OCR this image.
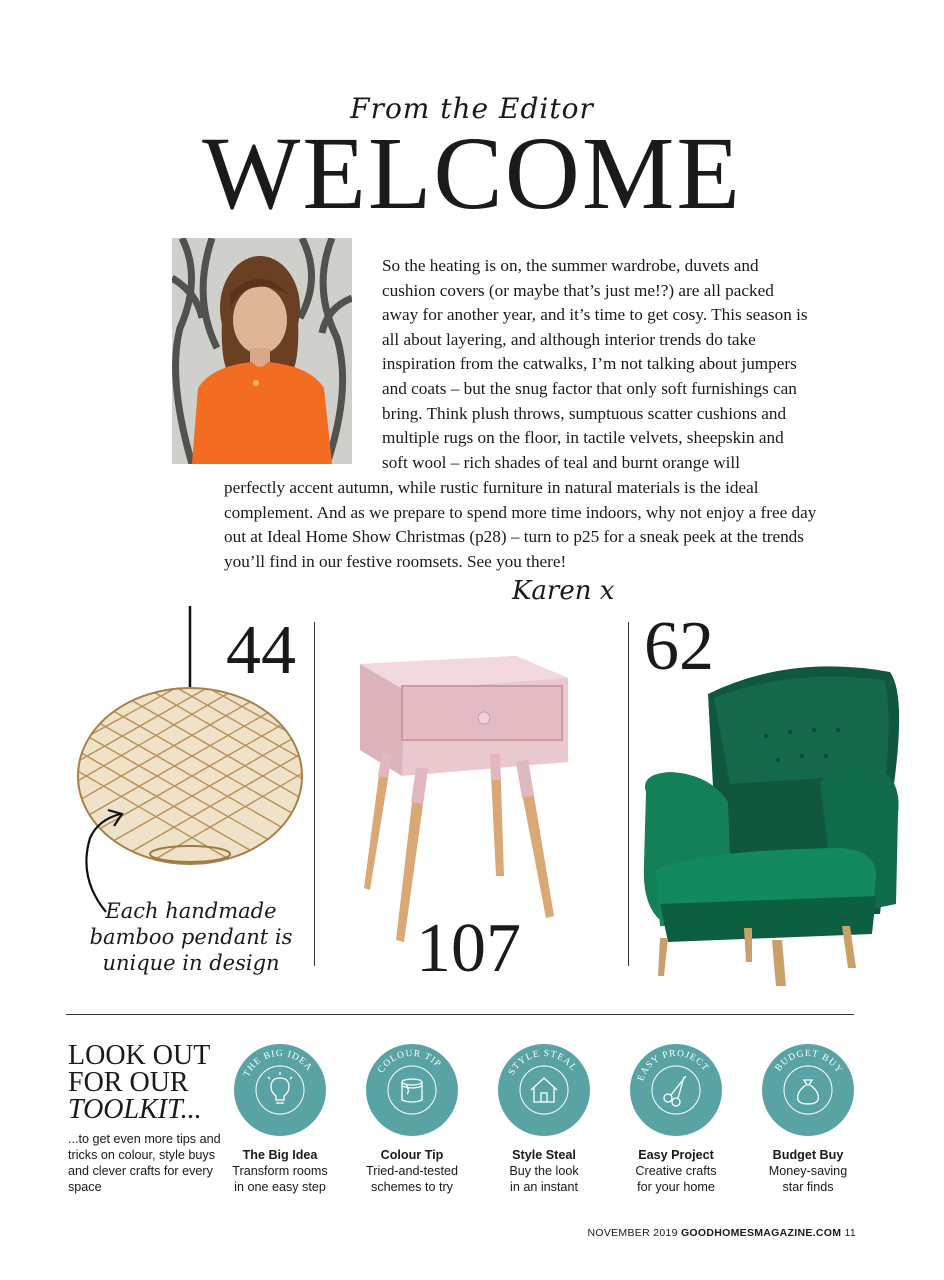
From the Editor
WELCOME
So the heating is on, the summer wardrobe, duvets and cushion covers (or maybe that’s just me!?) are all packed away for another year, and it’s time to get cosy. This season is all about layering, and although interior trends do take inspiration from the catwalks, I’m not talking about jumpers and coats – but the snug factor that only soft furnishings can bring. Think plush throws, sumptuous scatter cushions and multiple rugs on the floor, in tactile velvets, sheepskin and soft wool – rich shades of teal and burnt orange will
perfectly accent autumn, while rustic furniture in natural materials is the ideal complement. And as we prepare to spend more time indoors, why not enjoy a free day out at Ideal Home Show Christmas (p28) – turn to p25 for a sneak peek at the trends you’ll find in our festive roomsets. See you there!
Karen x
Each handmade bamboo pendant is unique in design
44
107
62
LOOK OUT
FOR OUR
TOOLKIT...
...to get even more tips and tricks on colour, style buys and clever crafts for every space
THE BIG IDEA
The Big Idea
Transform rooms
in one easy step
COLOUR TIP
Colour Tip
Tried-and-tested
schemes to try
STYLE STEAL
Style Steal
Buy the look
in an instant
EASY PROJECT
Easy Project
Creative crafts
for your home
BUDGET BUY
Budget Buy
Money-saving
star finds
NOVEMBER 2019 GOODHOMESMAGAZINE.COM 11
